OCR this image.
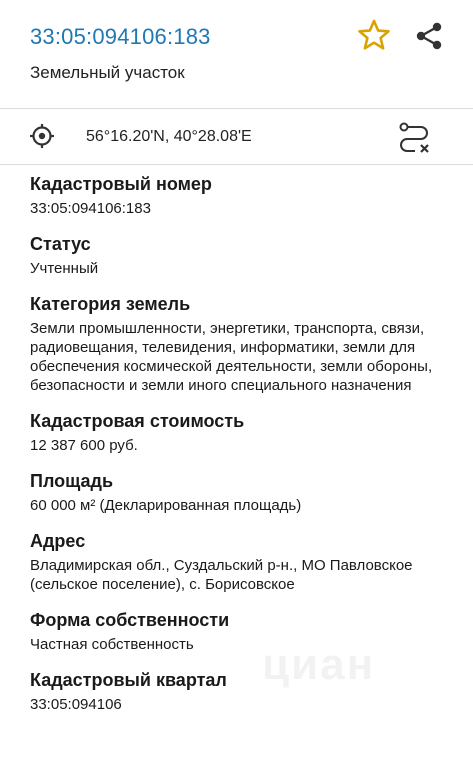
33:05:094106:183
Земельный участок
56°16.20'N, 40°28.08'E
Кадастровый номер
33:05:094106:183
Статус
Учтенный
Категория земель
Земли промышленности, энергетики, транспорта, связи, радиовещания, телевидения, информатики, земли для обеспечения космической деятельности, земли обороны, безопасности и земли иного специального назначения
Кадастровая стоимость
12 387 600 руб.
Площадь
60 000 м² (Декларированная площадь)
Адрес
Владимирская обл., Суздальский р-н., МО Павловское (сельское поселение), с. Борисовское
Форма собственности
Частная собственность
Кадастровый квартал
33:05:094106
циан
